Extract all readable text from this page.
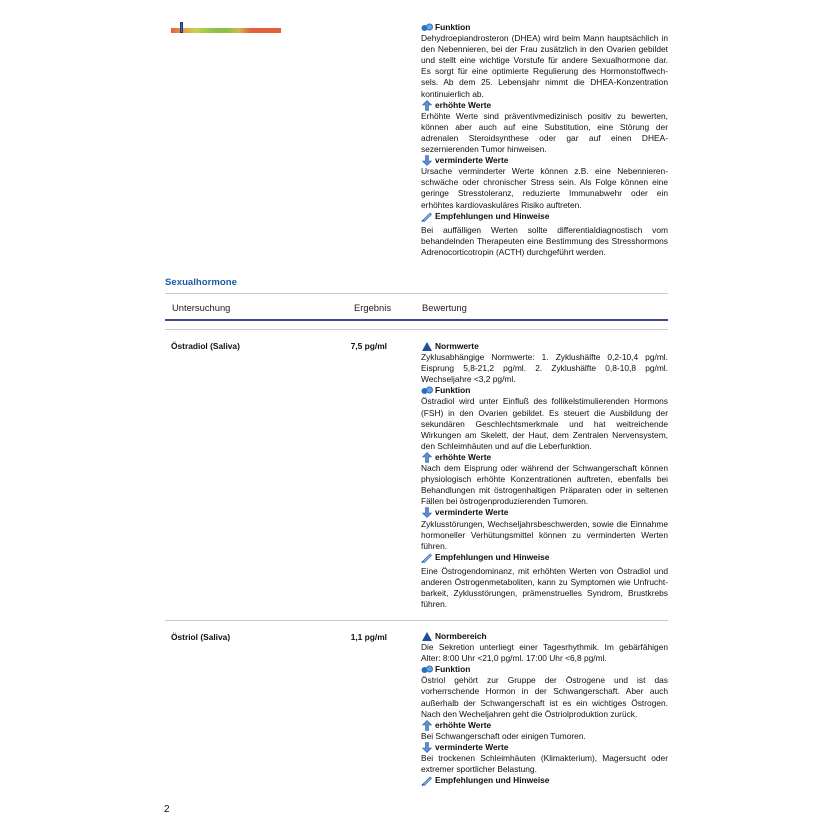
Funktion
Dehydroepiandrosteron (DHEA) wird beim Mann hauptsächlich in den Nebennieren, bei der Frau zusätzlich in den Ovarien gebildet und stellt eine wichtige Vorstufe für andere Sexualhormone dar. Es sorgt für eine optimierte Regulierung des Hormonstoffwechsels. Ab dem 25. Lebensjahr nimmt die DHEA-Konzentration kontinuierlich ab.
erhöhte Werte
Erhöhte Werte sind präventivmedizinisch positiv zu bewerten, können aber auch auf eine Substitution, eine Störung der adrenalen Steroidsynthese oder gar auf einen DHEA-sezernierenden Tumor hinweisen.
verminderte Werte
Ursache verminderter Werte können z.B. eine Nebennierenschwäche oder chronischer Stress sein. Als Folge können eine geringe Stresstoleranz, reduzierte Immunabwehr oder ein erhöhtes kardiovaskuläres Risiko auftreten.
Empfehlungen und Hinweise
Bei auffälligen Werten sollte differentialdiagnostisch vom behandelnden Therapeuten eine Bestimmung des Stresshormons Adrenocorticotropin (ACTH) durchgeführt werden.
Sexualhormone
Untersuchung	Ergebnis	Bewertung
Östradiol (Saliva)	7,5 pg/ml	Normwerte
Zyklusabhängige Normwerte: 1. Zyklushälfte 0,2-10,4 pg/ml. Eisprung 5,8-21,2 pg/ml. 2. Zyklushälfte 0,8-10,8 pg/ml. Wechseljahre <3,2 pg/ml.
Funktion
Östradiol wird unter Einfluß des follikelstimulierenden Hormons (FSH) in den Ovarien gebildet. Es steuert die Ausbildung der sekundären Geschlechtsmerkmale und hat weitreichende Wirkungen am Skelett, der Haut, dem Zentralen Nervensystem, den Schleimhäuten und auf die Leberfunktion.
erhöhte Werte
Nach dem Eisprung oder während der Schwangerschaft können physiologisch erhöhte Konzentrationen auftreten, ebenfalls bei Behandlungen mit östrogenhaltigen Präparaten oder in seltenen Fällen bei östrogenproduzierenden Tumoren.
verminderte Werte
Zyklusstörungen, Wechseljahrsbeschwerden, sowie die Einnahme hormoneller Verhütungsmittel können zu verminderten Werten führen.
Empfehlungen und Hinweise
Eine Östrogendominanz, mit erhöhten Werten von Östradiol und anderen Östrogenmetaboliten, kann zu Symptomen wie Unfruchtbarkeit, Zyklusstörungen, prämenstruelles Syndrom, Brustkrebs führen.
Östriol (Saliva)	1,1 pg/ml	Normbereich
Die Sekretion unterliegt einer Tagesrhythmik. Im gebärfähigen Alter: 8:00 Uhr <21,0 pg/ml. 17:00 Uhr <6,8 pg/ml.
Funktion
Östriol gehört zur Gruppe der Östrogene und ist das vorherrschende Hormon in der Schwangerschaft. Aber auch außerhalb der Schwangerschaft ist es ein wichtiges Östrogen. Nach den Wecheljahren geht die Östriolproduktion zurück.
erhöhte Werte
Bei Schwangerschaft oder einigen Tumoren.
verminderte Werte
Bei trockenen Schleimhäuten (Klimakterium), Magersucht oder extremer sportlicher Belastung.
Empfehlungen und Hinweise
2
